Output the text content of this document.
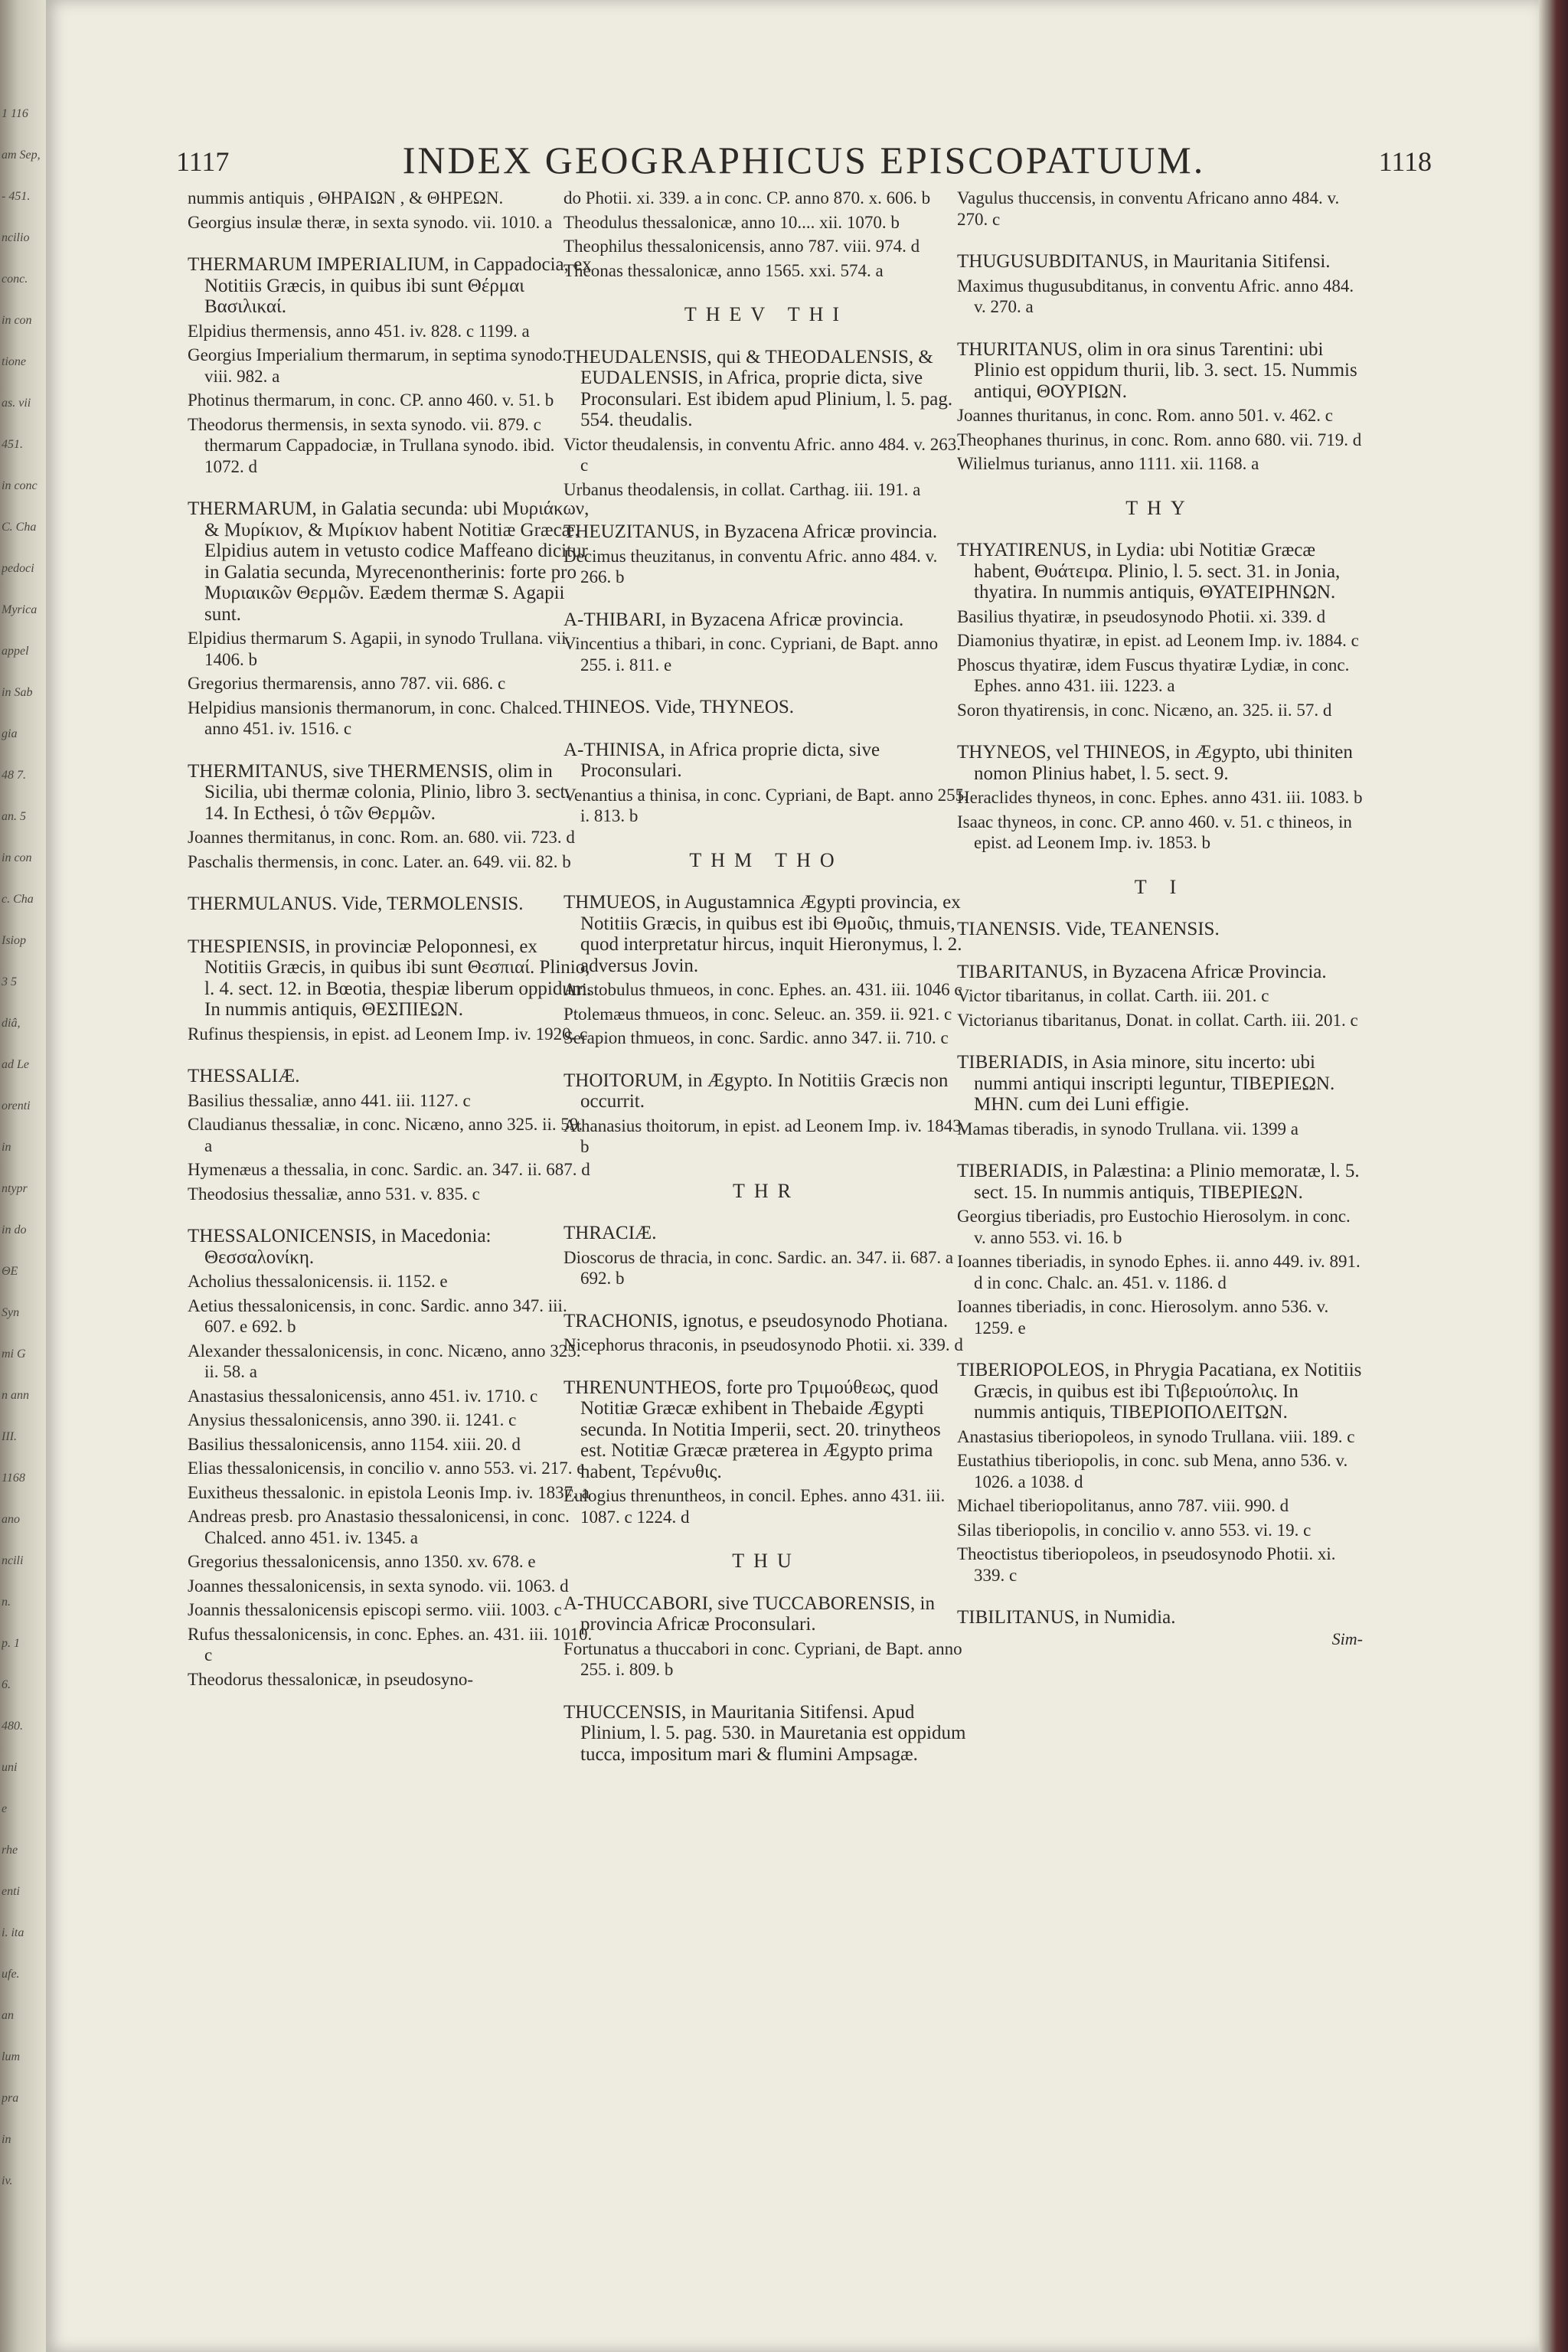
1 116
am Sep,
- 451.
ncilio
conc.
in con
tione
as. vii
451.
in conc
C. Cha
pedoci
Myrica
appel
in Sab
gia
48 7.
an. 5
in con
c. Cha
Isiop
3 5
diâ,
ad Le
orenti
in
ntypr
in do
ΘΕ
Syn
mi G
n ann
III.
1168
ano
ncili
n.
p. 1
6.
480.
uni
e
rhe
enti
i. ita
ufe.
an
lum
pra
in
iv.
1117	INDEX GEOGRAPHICUS EPISCOPATUUM.	1118
nummis antiquis , ΘΗΡΑΙΩΝ , & ΘΗΡΕΩΝ.
Georgius insulæ theræ, in sexta synodo. vii. 1010. a
THERMARUM IMPERIALIUM, in Cappadocia, ex Notitiis Græcis, in quibus ibi sunt Θέρμαι Βασιλικαί.
Elpidius thermensis, anno 451. iv. 828. c 1199. a
Georgius Imperialium thermarum, in septima synodo. viii. 982. a
Photinus thermarum, in conc. CP. anno 460. v. 51. b
Theodorus thermensis, in sexta synodo. vii. 879. c thermarum Cappadociæ, in Trullana synodo. ibid. 1072. d
THERMARUM, in Galatia secunda: ubi Μυριάκων, & Μυρίκιον, & Μιρίκιον habent Notitiæ Græcæ. Elpidius autem in vetusto codice Maffeano dicitur in Galatia secunda, Myrecenontherinis: forte pro Μυριαικῶν Θερμῶν. Eædem thermæ S. Agapii sunt.
Elpidius thermarum S. Agapii, in synodo Trullana. vii. 1406. b
Gregorius thermarensis, anno 787. vii. 686. c
Helpidius mansionis thermanorum, in conc. Chalced. anno 451. iv. 1516. c
THERMITANUS, sive THERMENSIS, olim in Sicilia, ubi thermæ colonia, Plinio, libro 3. sect. 14. In Ecthesi, ὁ τῶν Θερμῶν.
Joannes thermitanus, in conc. Rom. an. 680. vii. 723. d
Paschalis thermensis, in conc. Later. an. 649. vii. 82. b
THERMULANUS. Vide, TERMOLENSIS.
THESPIENSIS, in provinciæ Peloponnesi, ex Notitiis Græcis, in quibus ibi sunt Θεσπιαί. Plinio, l. 4. sect. 12. in Bœotia, thespiæ liberum oppidum. In nummis antiquis, ΘΕΣΠΙΕΩΝ.
Rufinus thespiensis, in epist. ad Leonem Imp. iv. 1920. c
THESSALIÆ.
Basilius thessaliæ, anno 441. iii. 1127. c
Claudianus thessaliæ, in conc. Nicæno, anno 325. ii. 59. a
Hymenæus a thessalia, in conc. Sardic. an. 347. ii. 687. d
Theodosius thessaliæ, anno 531. v. 835. c
THESSALONICENSIS, in Macedonia: Θεσσαλονίκη.
Acholius thessalonicensis. ii. 1152. e
Aetius thessalonicensis, in conc. Sardic. anno 347. iii. 607. e 692. b
Alexander thessalonicensis, in conc. Nicæno, anno 325. ii. 58. a
Anastasius thessalonicensis, anno 451. iv. 1710. c
Anysius thessalonicensis, anno 390. ii. 1241. c
Basilius thessalonicensis, anno 1154. xiii. 20. d
Elias thessalonicensis, in concilio v. anno 553. vi. 217. e
Euxitheus thessalonic. in epistola Leonis Imp. iv. 1837. a
Andreas presb. pro Anastasio thessalonicensi, in conc. Chalced. anno 451. iv. 1345. a
Gregorius thessalonicensis, anno 1350. xv. 678. e
Joannes thessalonicensis, in sexta synodo. vii. 1063. d
Joannis thessalonicensis episcopi sermo. viii. 1003. c
Rufus thessalonicensis, in conc. Ephes. an. 431. iii. 1010. c
Theodorus thessalonicæ, in pseudosyno-
do Photii. xi. 339. a in conc. CP. anno 870. x. 606. b
Theodulus thessalonicæ, anno 10.... xii. 1070. b
Theophilus thessalonicensis, anno 787. viii. 974. d
Theonas thessalonicæ, anno 1565. xxi. 574. a
THEV THI
THEUDALENSIS, qui & THEODALENSIS, & EUDALENSIS, in Africa, proprie dicta, sive Proconsulari. Est ibidem apud Plinium, l. 5. pag. 554. theudalis.
Victor theudalensis, in conventu Afric. anno 484. v. 263. c
Urbanus theodalensis, in collat. Carthag. iii. 191. a
THEUZITANUS, in Byzacena Africæ provincia.
Decimus theuzitanus, in conventu Afric. anno 484. v. 266. b
A-THIBARI, in Byzacena Africæ provincia.
Vincentius a thibari, in conc. Cypriani, de Bapt. anno 255. i. 811. e
THINEOS. Vide, THYNEOS.
A-THINISA, in Africa proprie dicta, sive Proconsulari.
Venantius a thinisa, in conc. Cypriani, de Bapt. anno 255. i. 813. b
THM THO
THMUEOS, in Augustamnica Ægypti provincia, ex Notitiis Græcis, in quibus est ibi Θμοῦις, thmuis, quod interpretatur hircus, inquit Hieronymus, l. 2. adversus Jovin.
Aristobulus thmueos, in conc. Ephes. an. 431. iii. 1046 c
Ptolemæus thmueos, in conc. Seleuc. an. 359. ii. 921. c
Serapion thmueos, in conc. Sardic. anno 347. ii. 710. c
THOITORUM, in Ægypto. In Notitiis Græcis non occurrit.
Athanasius thoitorum, in epist. ad Leonem Imp. iv. 1843. b
THR
THRACIÆ.
Dioscorus de thracia, in conc. Sardic. an. 347. ii. 687. a 692. b
TRACHONIS, ignotus, e pseudosynodo Photiana.
Nicephorus thraconis, in pseudosynodo Photii. xi. 339. d
THRENUNTHEOS, forte pro Τριμούθεως, quod Notitiæ Græcæ exhibent in Thebaide Ægypti secunda. In Notitia Imperii, sect. 20. trinytheos est. Notitiæ Græcæ præterea in Ægypto prima habent, Τερένυθις.
Eulogius threnuntheos, in concil. Ephes. anno 431. iii. 1087. c 1224. d
THU
A-THUCCABORI, sive TUCCABORENSIS, in provincia Africæ Proconsulari.
Fortunatus a thuccabori in conc. Cypriani, de Bapt. anno 255. i. 809. b
THUCCENSIS, in Mauritania Sitifensi. Apud Plinium, l. 5. pag. 530. in Mauretania est oppidum tucca, impositum mari & flumini Ampsagæ.
Vagulus thuccensis, in conventu Africano anno 484. v. 270. c
THUGUSUBDITANUS, in Mauritania Sitifensi.
Maximus thugusubditanus, in conventu Afric. anno 484. v. 270. a
THURITANUS, olim in ora sinus Tarentini: ubi Plinio est oppidum thurii, lib. 3. sect. 15. Nummis antiqui, ΘΟΥΡΙΩΝ.
Joannes thuritanus, in conc. Rom. anno 501. v. 462. c
Theophanes thurinus, in conc. Rom. anno 680. vii. 719. d
Wilielmus turianus, anno 1111. xii. 1168. a
THY
THYATIRENUS, in Lydia: ubi Notitiæ Græcæ habent, Θυάτειρα. Plinio, l. 5. sect. 31. in Jonia, thyatira. In nummis antiquis, ΘΥΑΤΕΙΡΗΝΩΝ.
Basilius thyatiræ, in pseudosynodo Photii. xi. 339. d
Diamonius thyatiræ, in epist. ad Leonem Imp. iv. 1884. c
Phoscus thyatiræ, idem Fuscus thyatiræ Lydiæ, in conc. Ephes. anno 431. iii. 1223. a
Soron thyatirensis, in conc. Nicæno, an. 325. ii. 57. d
THYNEOS, vel THINEOS, in Ægypto, ubi thiniten nomon Plinius habet, l. 5. sect. 9.
Heraclides thyneos, in conc. Ephes. anno 431. iii. 1083. b
Isaac thyneos, in conc. CP. anno 460. v. 51. c thineos, in epist. ad Leonem Imp. iv. 1853. b
T I
TIANENSIS. Vide, TEANENSIS.
TIBARITANUS, in Byzacena Africæ Provincia.
Victor tibaritanus, in collat. Carth. iii. 201. c
Victorianus tibaritanus, Donat. in collat. Carth. iii. 201. c
TIBERIADIS, in Asia minore, situ incerto: ubi nummi antiqui inscripti leguntur, TIBEPIEΩN. MHN. cum dei Luni effigie.
Mamas tiberadis, in synodo Trullana. vii. 1399 a
TIBERIADIS, in Palæstina: a Plinio memoratæ, l. 5. sect. 15. In nummis antiquis, TIBEPIEΩN.
Georgius tiberiadis, pro Eustochio Hierosolym. in conc. v. anno 553. vi. 16. b
Ioannes tiberiadis, in synodo Ephes. ii. anno 449. iv. 891. d in conc. Chalc. an. 451. v. 1186. d
Ioannes tiberiadis, in conc. Hierosolym. anno 536. v. 1259. e
TIBERIOPOLEOS, in Phrygia Pacatiana, ex Notitiis Græcis, in quibus est ibi Τιβεριούπολις. In nummis antiquis, TIBEPIOΠOΛEITΩN.
Anastasius tiberiopoleos, in synodo Trullana. viii. 189. c
Eustathius tiberiopolis, in conc. sub Mena, anno 536. v. 1026. a 1038. d
Michael tiberiopolitanus, anno 787. viii. 990. d
Silas tiberiopolis, in concilio v. anno 553. vi. 19. c
Theoctistus tiberiopoleos, in pseudosynodo Photii. xi. 339. c
TIBILITANUS, in Numidia.
Sim-
